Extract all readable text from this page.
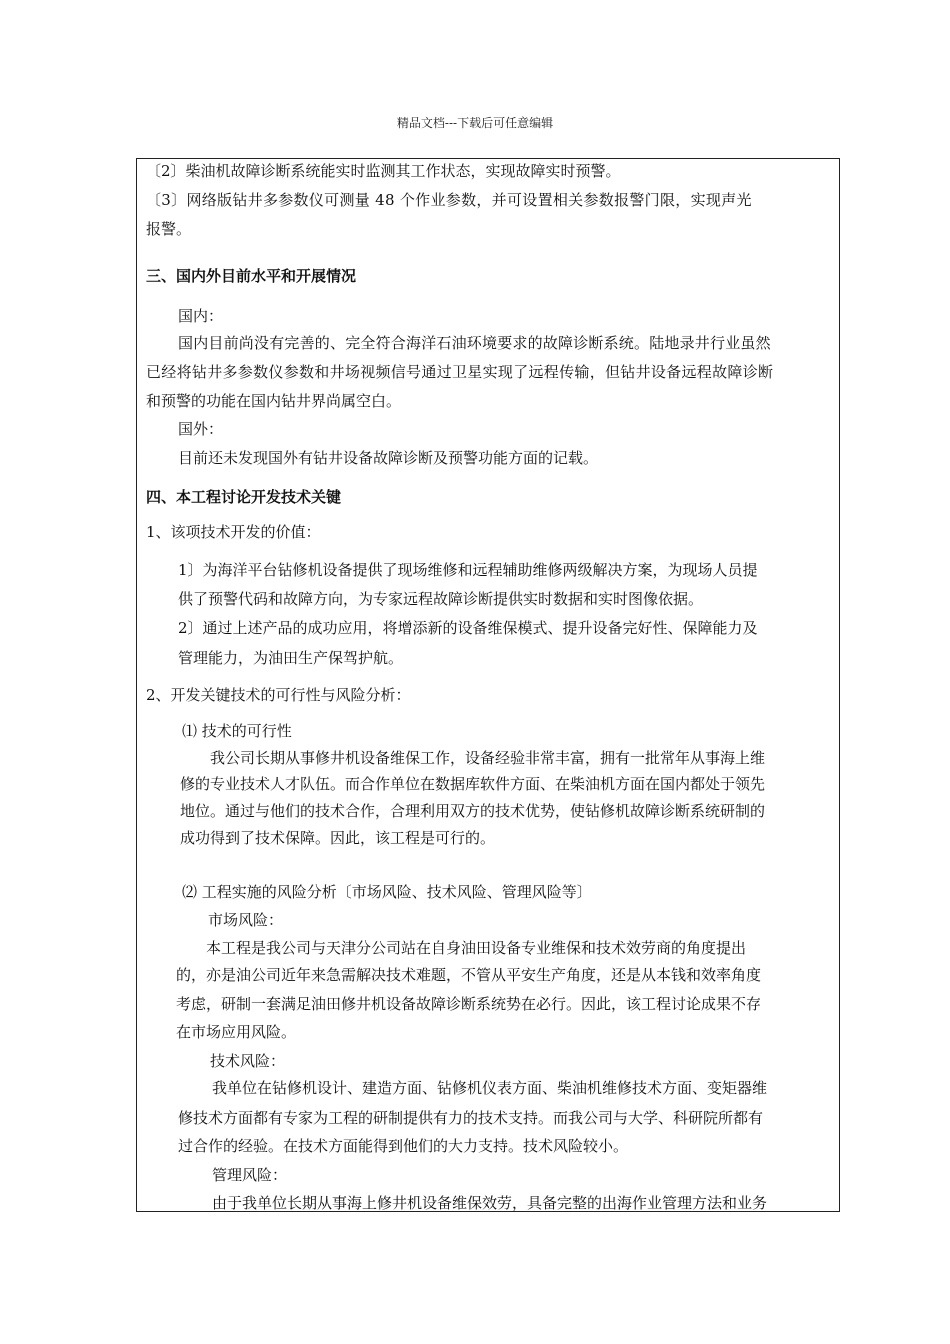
精品文档---下载后可任意编辑
〔2〕柴油机故障诊断系统能实时监测其工作状态，实现故障实时预警。
〔3〕网络版钻井多参数仪可测量 48 个作业参数，并可设置相关参数报警门限，实现声光
报警。
三、国内外目前水平和开展情况
国内：
国内目前尚没有完善的、完全符合海洋石油环境要求的故障诊断系统。陆地录井行业虽然
已经将钻井多参数仪参数和井场视频信号通过卫星实现了远程传输，但钻井设备远程故障诊断
和预警的功能在国内钻井界尚属空白。
国外：
目前还未发现国外有钻井设备故障诊断及预警功能方面的记载。
四、本工程讨论开发技术关键
1、该项技术开发的价值：
1〕为海洋平台钻修机设备提供了现场维修和远程辅助维修两级解决方案，为现场人员提
供了预警代码和故障方向，为专家远程故障诊断提供实时数据和实时图像依据。
2〕通过上述产品的成功应用，将增添新的设备维保模式、提升设备完好性、保障能力及
管理能力，为油田生产保驾护航。
2、开发关键技术的可行性与风险分析：
⑴ 技术的可行性
我公司长期从事修井机设备维保工作，设备经验非常丰富，拥有一批常年从事海上维
修的专业技术人才队伍。而合作单位在数据库软件方面、在柴油机方面在国内都处于领先
地位。通过与他们的技术合作，合理利用双方的技术优势，使钻修机故障诊断系统研制的
成功得到了技术保障。因此，该工程是可行的。
⑵ 工程实施的风险分析〔市场风险、技术风险、管理风险等〕
市场风险：
本工程是我公司与天津分公司站在自身油田设备专业维保和技术效劳商的角度提出
的，亦是油公司近年来急需解决技术难题，不管从平安生产角度，还是从本钱和效率角度
考虑，研制一套满足油田修井机设备故障诊断系统势在必行。因此，该工程讨论成果不存
在市场应用风险。
技术风险：
我单位在钻修机设计、建造方面、钻修机仪表方面、柴油机维修技术方面、变矩器维
修技术方面都有专家为工程的研制提供有力的技术支持。而我公司与大学、科研院所都有
过合作的经验。在技术方面能得到他们的大力支持。技术风险较小。
管理风险：
由于我单位长期从事海上修井机设备维保效劳，具备完整的出海作业管理方法和业务
